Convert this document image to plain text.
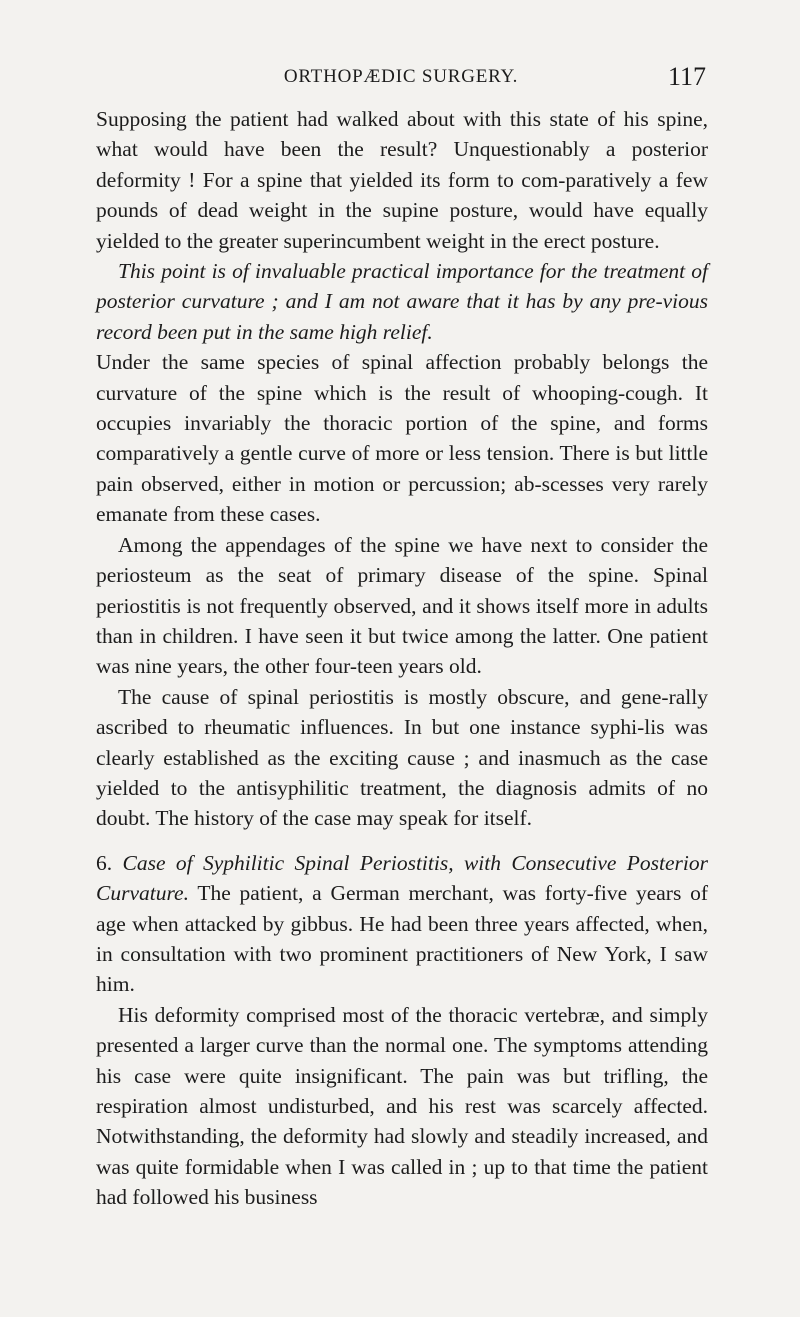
ORTHOPÆDIC SURGERY.	117

Supposing the patient had walked about with this state of his spine, what would have been the result? Unquestionably a posterior deformity ! For a spine that yielded its form to com-paratively a few pounds of dead weight in the supine posture, would have equally yielded to the greater superincumbent weight in the erect posture.

This point is of invaluable practical importance for the treatment of posterior curvature ; and I am not aware that it has by any pre-vious record been put in the same high relief.

Under the same species of spinal affection probably belongs the curvature of the spine which is the result of whooping-cough. It occupies invariably the thoracic portion of the spine, and forms comparatively a gentle curve of more or less tension. There is but little pain observed, either in motion or percussion; ab-scesses very rarely emanate from these cases.

Among the appendages of the spine we have next to consider the periosteum as the seat of primary disease of the spine. Spinal periostitis is not frequently observed, and it shows itself more in adults than in children. I have seen it but twice among the latter. One patient was nine years, the other four-teen years old.

The cause of spinal periostitis is mostly obscure, and gene-rally ascribed to rheumatic influences. In but one instance syphi-lis was clearly established as the exciting cause ; and inasmuch as the case yielded to the antisyphilitic treatment, the diagnosis admits of no doubt. The history of the case may speak for itself.

6. Case of Syphilitic Spinal Periostitis, with Consecutive Posterior Curvature. The patient, a German merchant, was forty-five years of age when attacked by gibbus. He had been three years affected, when, in consultation with two prominent practitioners of New York, I saw him.

His deformity comprised most of the thoracic vertebræ, and simply presented a larger curve than the normal one. The symptoms attending his case were quite insignificant. The pain was but trifling, the respiration almost undisturbed, and his rest was scarcely affected. Notwithstanding, the deformity had slowly and steadily increased, and was quite formidable when I was called in ; up to that time the patient had followed his business
